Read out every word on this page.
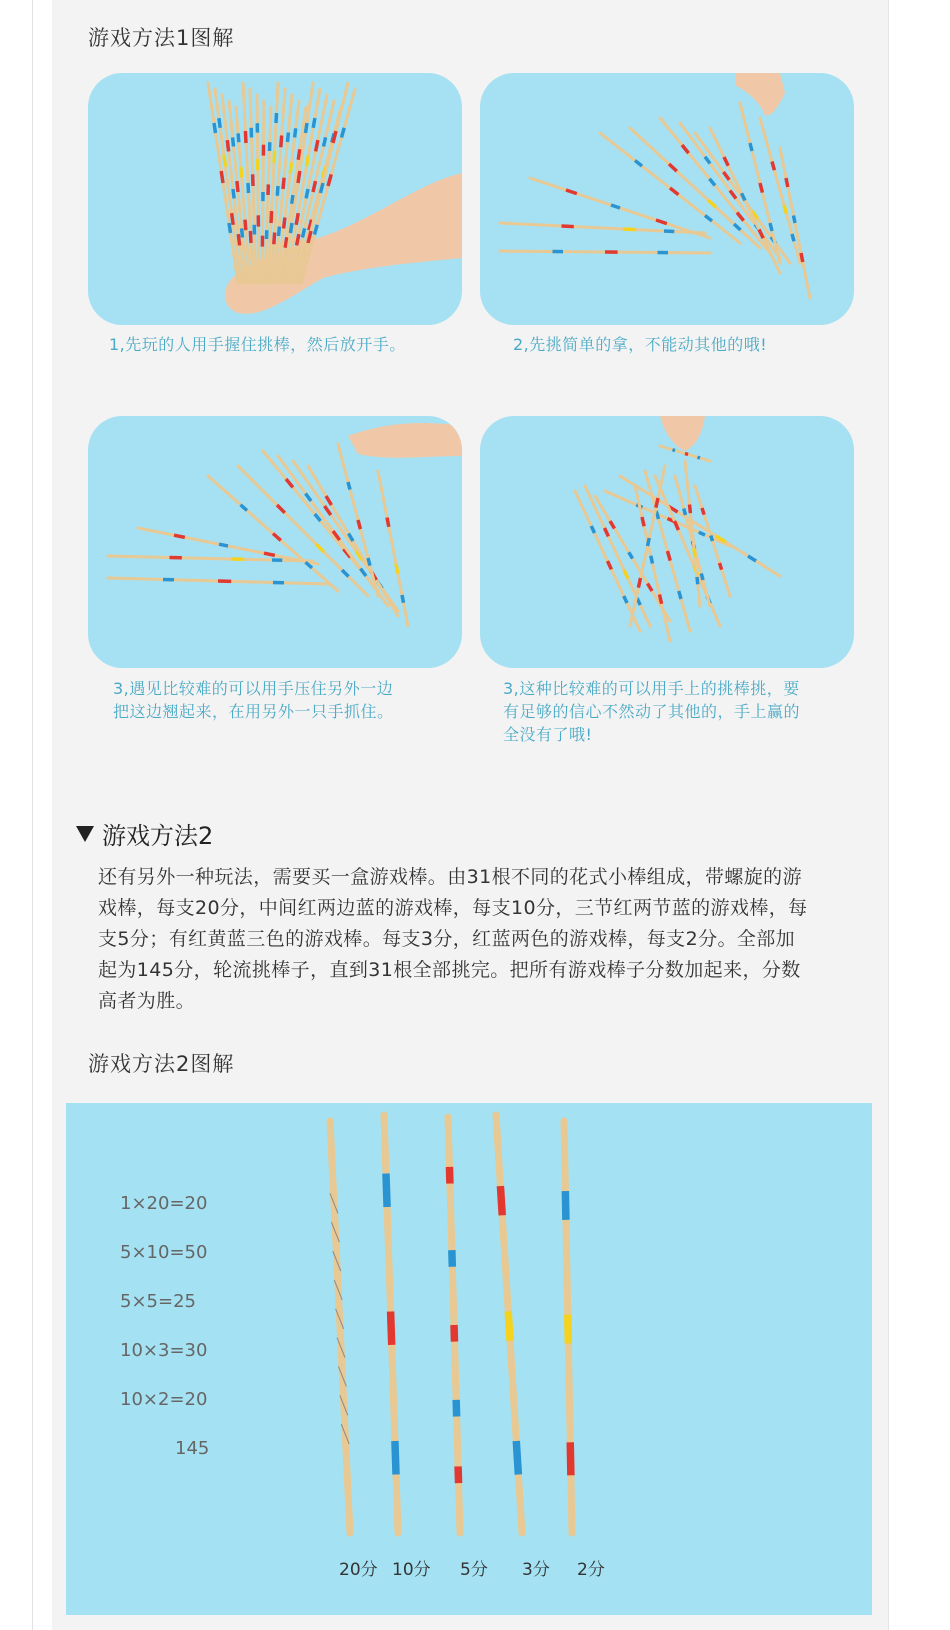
游戏方法1图解
1,先玩的人用手握住挑棒，然后放开手。	2,先挑简单的拿，不能动其他的哦!
3,遇见比较难的可以用手压住另外一边
把这边翘起来，在用另外一只手抓住。
3,这种比较难的可以用手上的挑棒挑，要
有足够的信心不然动了其他的，手上赢的
全没有了哦!
游戏方法2
还有另外一种玩法，需要买一盒游戏棒。由31根不同的花式小棒组成，带螺旋的游
戏棒，每支20分，中间红两边蓝的游戏棒，每支10分，三节红两节蓝的游戏棒，每
支5分；有红黄蓝三色的游戏棒。每支3分，红蓝两色的游戏棒，每支2分。全部加
起为145分，轮流挑棒子，直到31根全部挑完。把所有游戏棒子分数加起来，分数
高者为胜。
游戏方法2图解
1×20=20
5×10=50
5×5=25
10×3=30
10×2=20
145
20分 10分 5分 3分 2分
